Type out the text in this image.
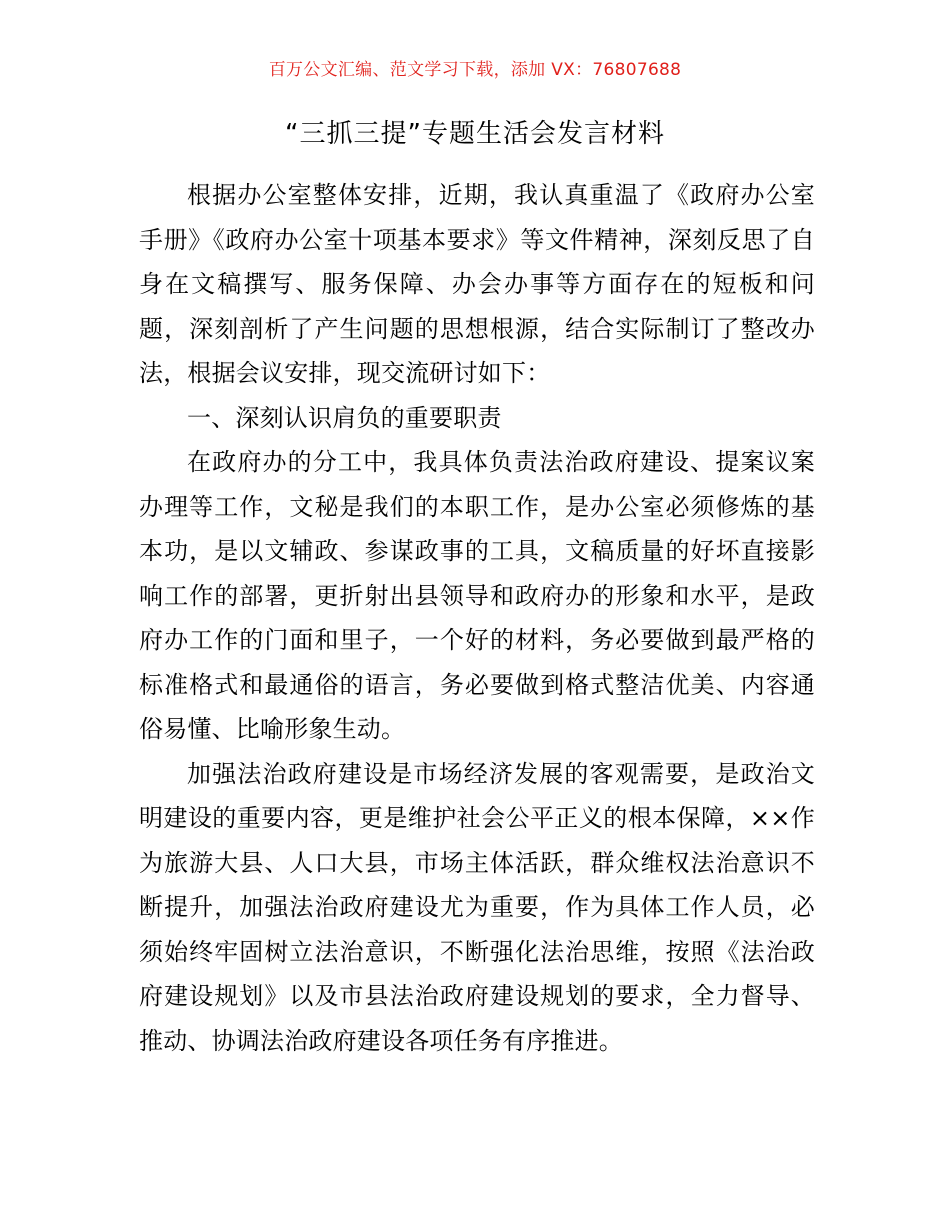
百万公文汇编、范文学习下载，添加 VX：76807688
“三抓三提”专题生活会发言材料

根据办公室整体安排，近期，我认真重温了《政府办公室手册》《政府办公室十项基本要求》等文件精神，深刻反思了自身在文稿撰写、服务保障、办会办事等方面存在的短板和问题，深刻剖析了产生问题的思想根源，结合实际制订了整改办法，根据会议安排，现交流研讨如下：

一、深刻认识肩负的重要职责

在政府办的分工中，我具体负责法治政府建设、提案议案办理等工作，文秘是我们的本职工作，是办公室必须修炼的基本功，是以文辅政、参谋政事的工具，文稿质量的好坏直接影响工作的部署，更折射出县领导和政府办的形象和水平，是政府办工作的门面和里子，一个好的材料，务必要做到最严格的标准格式和最通俗的语言，务必要做到格式整洁优美、内容通俗易懂、比喻形象生动。

加强法治政府建设是市场经济发展的客观需要，是政治文明建设的重要内容，更是维护社会公平正义的根本保障，××作为旅游大县、人口大县，市场主体活跃，群众维权法治意识不断提升，加强法治政府建设尤为重要，作为具体工作人员，必须始终牢固树立法治意识，不断强化法治思维，按照《法治政府建设规划》以及市县法治政府建设规划的要求，全力督导、推动、协调法治政府建设各项任务有序推进。
